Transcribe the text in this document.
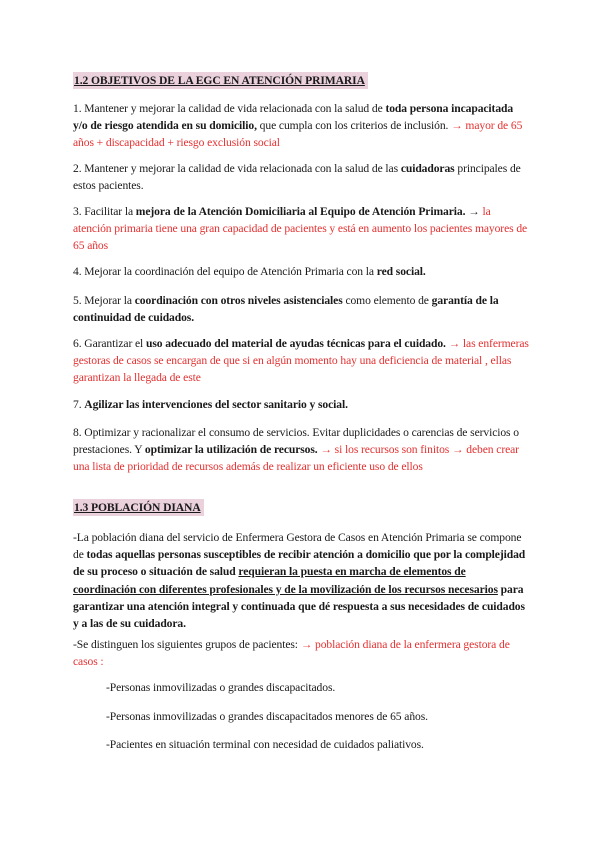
1.2 OBJETIVOS DE LA EGC EN ATENCIÓN PRIMARIA

1. Mantener y mejorar la calidad de vida relacionada con la salud de toda persona incapacitada y/o de riesgo atendida en su domicilio, que cumpla con los criterios de inclusión. → mayor de 65 años + discapacidad + riesgo exclusión social

2. Mantener y mejorar la calidad de vida relacionada con la salud de las cuidadoras principales de estos pacientes.

3. Facilitar la mejora de la Atención Domiciliaria al Equipo de Atención Primaria. → la atención primaria tiene una gran capacidad de pacientes y está en aumento los pacientes mayores de 65 años

4. Mejorar la coordinación del equipo de Atención Primaria con la red social.

5. Mejorar la coordinación con otros niveles asistenciales como elemento de garantía de la continuidad de cuidados.

6. Garantizar el uso adecuado del material de ayudas técnicas para el cuidado. → las enfermeras gestoras de casos se encargan de que si en algún momento hay una deficiencia de material , ellas garantizan la llegada de este

7. Agilizar las intervenciones del sector sanitario y social.

8. Optimizar y racionalizar el consumo de servicios. Evitar duplicidades o carencias de servicios o prestaciones. Y optimizar la utilización de recursos. → si los recursos son finitos → deben crear una lista de prioridad de recursos además de realizar un eficiente uso de ellos

1.3 POBLACIÓN DIANA

-La población diana del servicio de Enfermera Gestora de Casos en Atención Primaria se compone de todas aquellas personas susceptibles de recibir atención a domicilio que por la complejidad de su proceso o situación de salud requieran la puesta en marcha de elementos de coordinación con diferentes profesionales y de la movilización de los recursos necesarios para garantizar una atención integral y continuada que dé respuesta a sus necesidades de cuidados y a las de su cuidadora.

-Se distinguen los siguientes grupos de pacientes: → población diana de la enfermera gestora de casos :

-Personas inmovilizadas o grandes discapacitados.

-Personas inmovilizadas o grandes discapacitados menores de 65 años.

-Pacientes en situación terminal con necesidad de cuidados paliativos.
